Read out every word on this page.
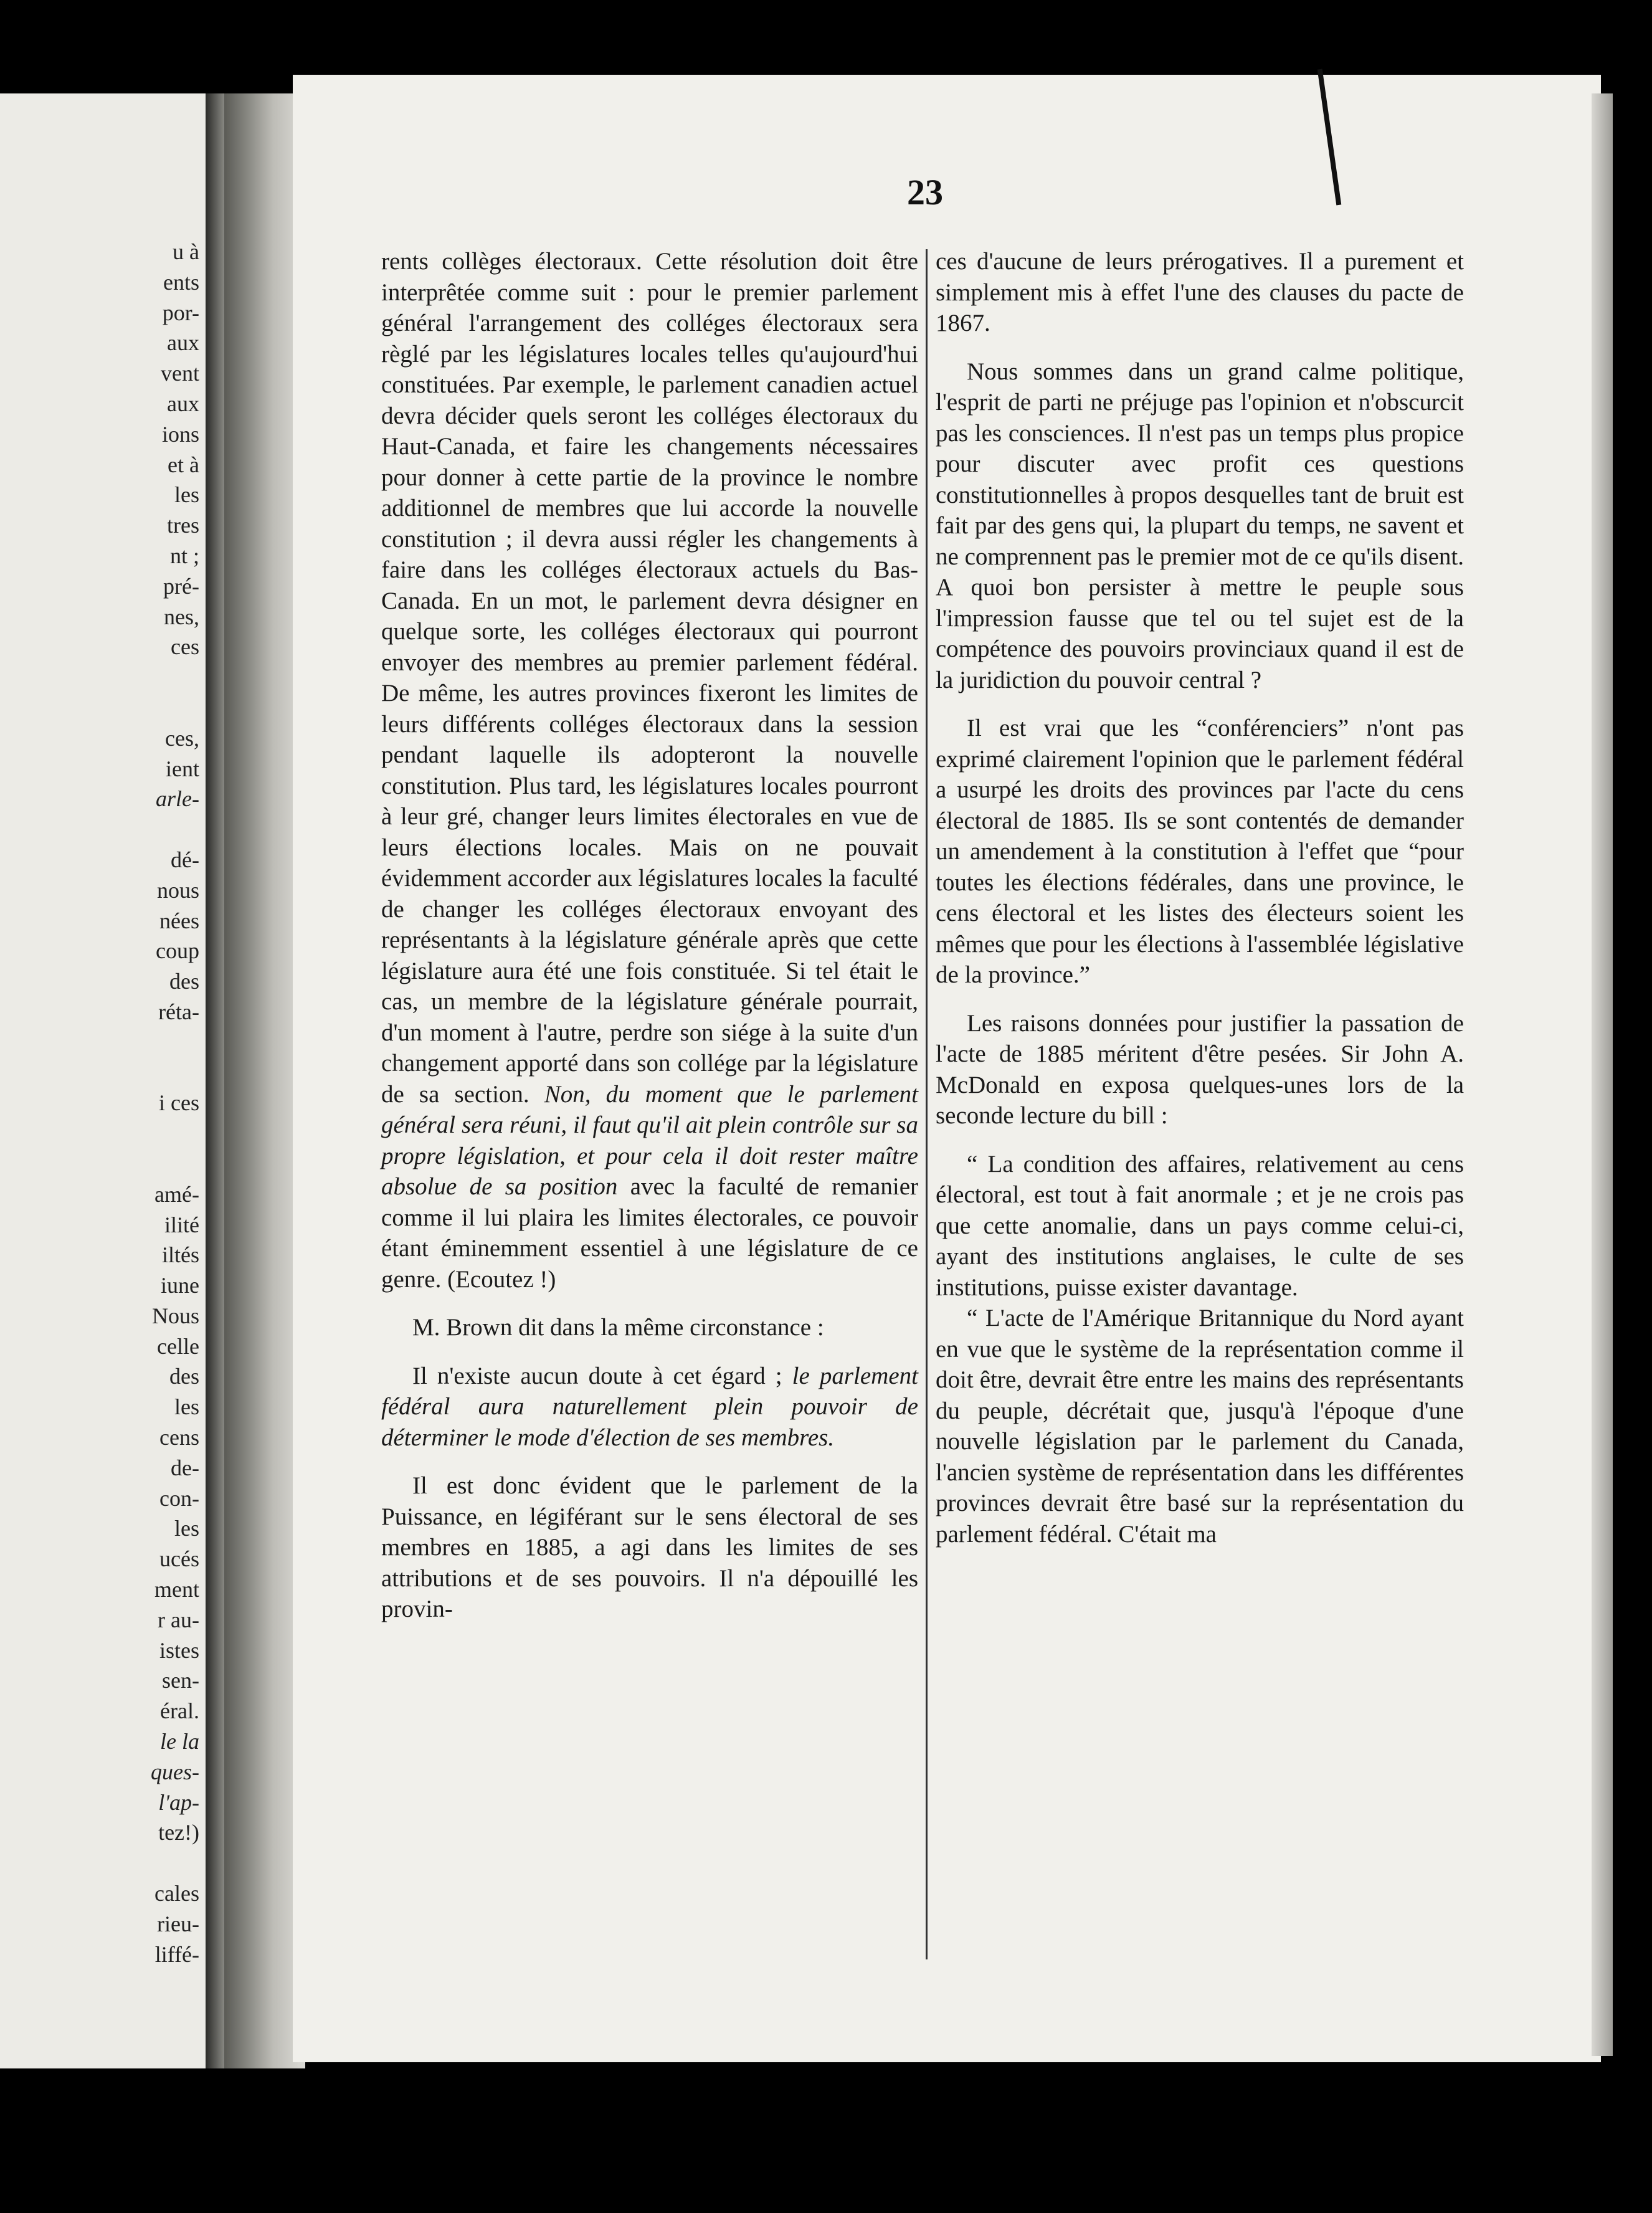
u à
ents
por-
aux
vent
aux
ions
et à
les
tres
nt ;
pré-
nes,
ces
ces,
ient
arle-
dé-
nous
nées
coup
des
réta-
i ces
amé-
ilité
iltés
iune
Nous
celle
des
les
cens
de-
con-
les
ucés
ment
r au-
istes
sen-
éral.
le la
ques-
l'ap-
tez!)
cales
rieu-
liffé-
23

rents collèges électoraux. Cette résolution doit être interprêtée comme suit : pour le premier parlement général l'arrangement des colléges électoraux sera règlé par les législatures locales telles qu'aujourd'hui constituées. Par exemple, le parlement canadien actuel devra décider quels seront les colléges électoraux du Haut-Canada, et faire les changements nécessaires pour donner à cette partie de la province le nombre additionnel de membres que lui accorde la nouvelle constitution ; il devra aussi régler les changements à faire dans les colléges électoraux actuels du Bas-Canada. En un mot, le parlement devra désigner en quelque sorte, les colléges électoraux qui pourront envoyer des membres au premier parlement fédéral. De même, les autres provinces fixeront les limites de leurs différents colléges électoraux dans la session pendant laquelle ils adopteront la nouvelle constitution. Plus tard, les législatures locales pourront à leur gré, changer leurs limites électorales en vue de leurs élections locales. Mais on ne pouvait évidemment accorder aux législatures locales la faculté de changer les colléges électoraux envoyant des représentants à la législature générale après que cette législature aura été une fois constituée. Si tel était le cas, un membre de la législature générale pourrait, d'un moment à l'autre, perdre son siége à la suite d'un changement apporté dans son collége par la législature de sa section. Non, du moment que le parlement général sera réuni, il faut qu'il ait plein contrôle sur sa propre législation, et pour cela il doit rester maître absolue de sa position avec la faculté de remanier comme il lui plaira les limites électorales, ce pouvoir étant éminemment essentiel à une législature de ce genre. (Ecoutez !)

M. Brown dit dans la même circonstance :

Il n'existe aucun doute à cet égard ; le parlement fédéral aura naturellement plein pouvoir de déterminer le mode d'élection de ses membres.

Il est donc évident que le parlement de la Puissance, en légiférant sur le sens électoral de ses membres en 1885, a agi dans les limites de ses attributions et de ses pouvoirs. Il n'a dépouillé les provin-

ces d'aucune de leurs prérogatives. Il a purement et simplement mis à effet l'une des clauses du pacte de 1867.

Nous sommes dans un grand calme politique, l'esprit de parti ne préjuge pas l'opinion et n'obscurcit pas les consciences. Il n'est pas un temps plus propice pour discuter avec profit ces questions constitutionnelles à propos desquelles tant de bruit est fait par des gens qui, la plupart du temps, ne savent et ne comprennent pas le premier mot de ce qu'ils disent. A quoi bon persister à mettre le peuple sous l'impression fausse que tel ou tel sujet est de la compétence des pouvoirs provinciaux quand il est de la juridiction du pouvoir central ?

Il est vrai que les “conférenciers” n'ont pas exprimé clairement l'opinion que le parlement fédéral a usurpé les droits des provinces par l'acte du cens électoral de 1885. Ils se sont contentés de demander un amendement à la constitution à l'effet que “pour toutes les élections fédérales, dans une province, le cens électoral et les listes des électeurs soient les mêmes que pour les élections à l'assemblée législative de la province.”

Les raisons données pour justifier la passation de l'acte de 1885 méritent d'être pesées. Sir John A. McDonald en exposa quelques-unes lors de la seconde lecture du bill :

“ La condition des affaires, relativement au cens électoral, est tout à fait anormale ; et je ne crois pas que cette anomalie, dans un pays comme celui-ci, ayant des institutions anglaises, le culte de ses institutions, puisse exister davantage.

“ L'acte de l'Amérique Britannique du Nord ayant en vue que le système de la représentation comme il doit être, devrait être entre les mains des représentants du peuple, décrétait que, jusqu'à l'époque d'une nouvelle législation par le parlement du Canada, l'ancien système de représentation dans les différentes provinces devrait être basé sur la représentation du parlement fédéral. C'était ma
